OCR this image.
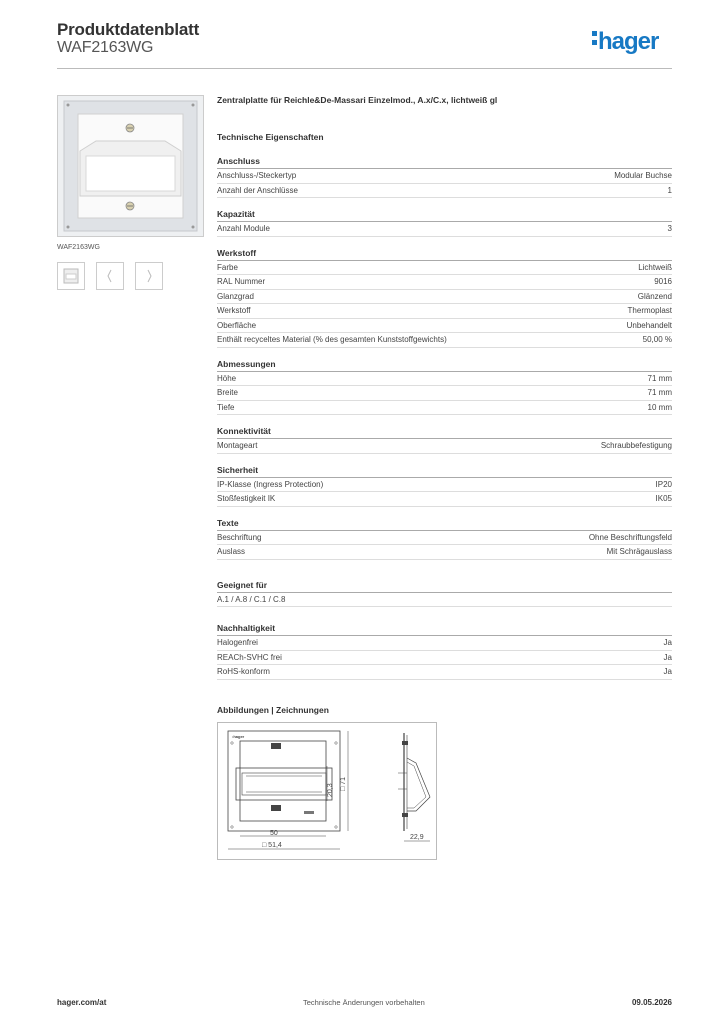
Produktdatenblatt
WAF2163WG	hager
WAF2163WG
Zentralplatte für Reichle&De-Massari Einzelmod., A.x/C.x, lichtweiß gl
Technische Eigenschaften
Anschluss
Anschluss-/Steckertyp	Modular Buchse
Anzahl der Anschlüsse	1
Kapazität
Anzahl Module	3
Werkstoff
Farbe	Lichtweiß
RAL Nummer	9016
Glanzgrad	Glänzend
Werkstoff	Thermoplast
Oberfläche	Unbehandelt
Enthält recyceltes Material (% des gesamten Kunststoffgewichts)	50,00 %
Abmessungen
Höhe	71 mm
Breite	71 mm
Tiefe	10 mm
Konnektivität
Montageart	Schraubbefestigung
Sicherheit
IP-Klasse (Ingress Protection)	IP20
Stoßfestigkeit IK	IK05
Texte
Beschriftung	Ohne Beschriftungsfeld
Auslass	Mit Schrägauslass
Geeignet für
A.1 / A.8 / C.1 / C.8
Nachhaltigkeit
Halogenfrei	Ja
REACh-SVHC frei	Ja
RoHS-konform	Ja
Abbildungen | Zeichnungen
:hager
20,3 □ 71
50
□ 51,4
22,9
hager.com/at	Technische Änderungen vorbehalten	09.05.2026
